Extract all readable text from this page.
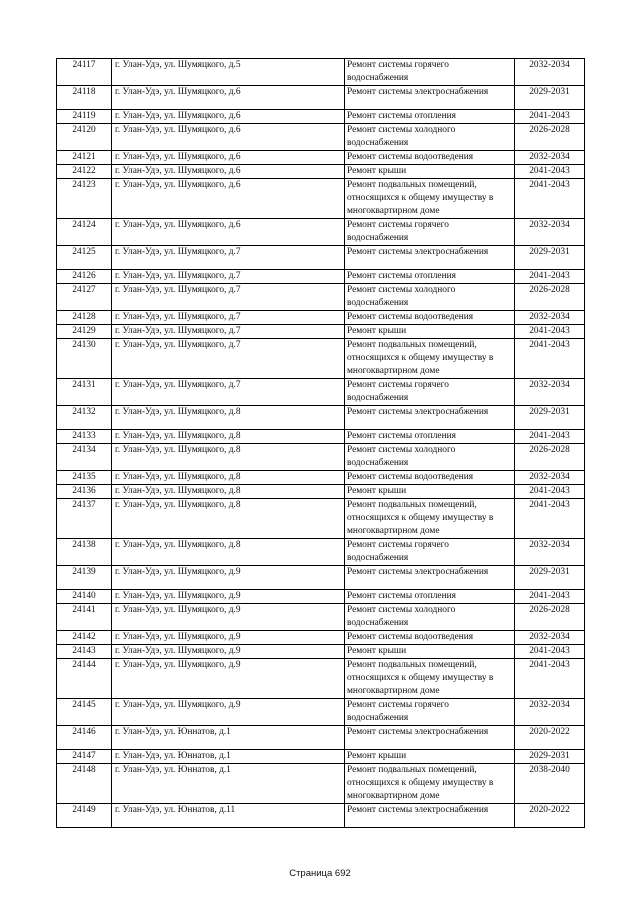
24117	г. Улан-Удэ, ул. Шумяцкого, д.5	Ремонт системы горячего водоснабжения	2032-2034
24118	г. Улан-Удэ, ул. Шумяцкого, д.6	Ремонт системы электроснабжения	2029-2031
24119	г. Улан-Удэ, ул. Шумяцкого, д.6	Ремонт системы отопления	2041-2043
24120	г. Улан-Удэ, ул. Шумяцкого, д.6	Ремонт системы холодного водоснабжения	2026-2028
24121	г. Улан-Удэ, ул. Шумяцкого, д.6	Ремонт системы водоотведения	2032-2034
24122	г. Улан-Удэ, ул. Шумяцкого, д.6	Ремонт крыши	2041-2043
24123	г. Улан-Удэ, ул. Шумяцкого, д.6	Ремонт подвальных помещений, относящихся к общему имуществу в многоквартирном доме	2041-2043
24124	г. Улан-Удэ, ул. Шумяцкого, д.6	Ремонт системы горячего водоснабжения	2032-2034
24125	г. Улан-Удэ, ул. Шумяцкого, д.7	Ремонт системы электроснабжения	2029-2031
24126	г. Улан-Удэ, ул. Шумяцкого, д.7	Ремонт системы отопления	2041-2043
24127	г. Улан-Удэ, ул. Шумяцкого, д.7	Ремонт системы холодного водоснабжения	2026-2028
24128	г. Улан-Удэ, ул. Шумяцкого, д.7	Ремонт системы водоотведения	2032-2034
24129	г. Улан-Удэ, ул. Шумяцкого, д.7	Ремонт крыши	2041-2043
24130	г. Улан-Удэ, ул. Шумяцкого, д.7	Ремонт подвальных помещений, относящихся к общему имуществу в многоквартирном доме	2041-2043
24131	г. Улан-Удэ, ул. Шумяцкого, д.7	Ремонт системы горячего водоснабжения	2032-2034
24132	г. Улан-Удэ, ул. Шумяцкого, д.8	Ремонт системы электроснабжения	2029-2031
24133	г. Улан-Удэ, ул. Шумяцкого, д.8	Ремонт системы отопления	2041-2043
24134	г. Улан-Удэ, ул. Шумяцкого, д.8	Ремонт системы холодного водоснабжения	2026-2028
24135	г. Улан-Удэ, ул. Шумяцкого, д.8	Ремонт системы водоотведения	2032-2034
24136	г. Улан-Удэ, ул. Шумяцкого, д.8	Ремонт крыши	2041-2043
24137	г. Улан-Удэ, ул. Шумяцкого, д.8	Ремонт подвальных помещений, относящихся к общему имуществу в многоквартирном доме	2041-2043
24138	г. Улан-Удэ, ул. Шумяцкого, д.8	Ремонт системы горячего водоснабжения	2032-2034
24139	г. Улан-Удэ, ул. Шумяцкого, д.9	Ремонт системы электроснабжения	2029-2031
24140	г. Улан-Удэ, ул. Шумяцкого, д.9	Ремонт системы отопления	2041-2043
24141	г. Улан-Удэ, ул. Шумяцкого, д.9	Ремонт системы холодного водоснабжения	2026-2028
24142	г. Улан-Удэ, ул. Шумяцкого, д.9	Ремонт системы водоотведения	2032-2034
24143	г. Улан-Удэ, ул. Шумяцкого, д.9	Ремонт крыши	2041-2043
24144	г. Улан-Удэ, ул. Шумяцкого, д.9	Ремонт подвальных помещений, относящихся к общему имуществу в многоквартирном доме	2041-2043
24145	г. Улан-Удэ, ул. Шумяцкого, д.9	Ремонт системы горячего водоснабжения	2032-2034
24146	г. Улан-Удэ, ул. Юннатов, д.1	Ремонт системы электроснабжения	2020-2022
24147	г. Улан-Удэ, ул. Юннатов, д.1	Ремонт крыши	2029-2031
24148	г. Улан-Удэ, ул. Юннатов, д.1	Ремонт подвальных помещений, относящихся к общему имуществу в многоквартирном доме	2038-2040
24149	г. Улан-Удэ, ул. Юннатов, д.11	Ремонт системы электроснабжения	2020-2022
Страница 692
